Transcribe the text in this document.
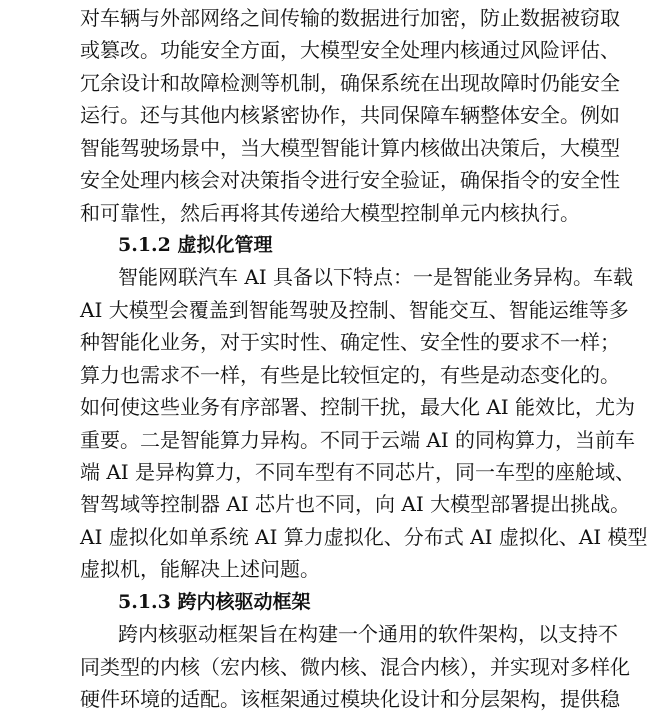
对车辆与外部网络之间传输的数据进行加密，防止数据被窃取
或篡改。功能安全方面，大模型安全处理内核通过风险评估、
冗余设计和故障检测等机制，确保系统在出现故障时仍能安全
运行。还与其他内核紧密协作，共同保障车辆整体安全。例如
智能驾驶场景中，当大模型智能计算内核做出决策后，大模型
安全处理内核会对决策指令进行安全验证，确保指令的安全性
和可靠性，然后再将其传递给大模型控制单元内核执行。
5.1.2 虚拟化管理
智能网联汽车 AI 具备以下特点：一是智能业务异构。车载
AI 大模型会覆盖到智能驾驶及控制、智能交互、智能运维等多
种智能化业务，对于实时性、确定性、安全性的要求不一样；
算力也需求不一样，有些是比较恒定的，有些是动态变化的。
如何使这些业务有序部署、控制干扰，最大化 AI 能效比，尤为
重要。二是智能算力异构。不同于云端 AI 的同构算力，当前车
端 AI 是异构算力，不同车型有不同芯片，同一车型的座舱域、
智驾域等控制器 AI 芯片也不同，向 AI 大模型部署提出挑战。
AI 虚拟化如单系统 AI 算力虚拟化、分布式 AI 虚拟化、AI 模型
虚拟机，能解决上述问题。
5.1.3 跨内核驱动框架
跨内核驱动框架旨在构建一个通用的软件架构，以支持不
同类型的内核（宏内核、微内核、混合内核），并实现对多样化
硬件环境的适配。该框架通过模块化设计和分层架构，提供稳
